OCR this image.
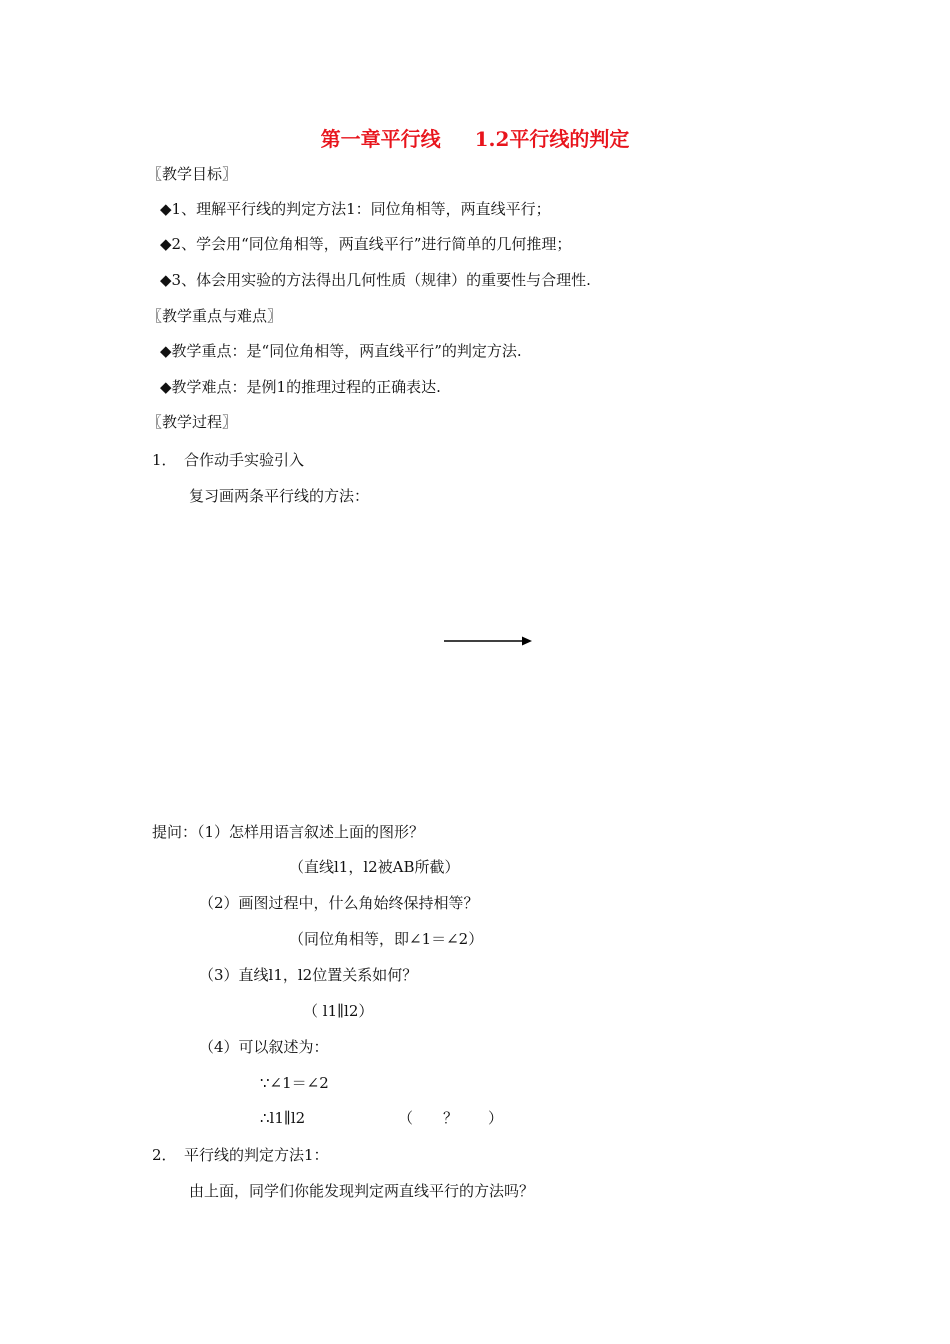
第一章平行线 1.2平行线的判定
〖教学目标〗
◆1、理解平行线的判定方法1：同位角相等，两直线平行；
◆2、学会用“同位角相等，两直线平行”进行简单的几何推理；
◆3、体会用实验的方法得出几何性质（规律）的重要性与合理性.
〖教学重点与难点〗
◆教学重点：是“同位角相等，两直线平行”的判定方法.
◆教学难点：是例1的推理过程的正确表达.
〖教学过程〗
1． 合作动手实验引入
复习画两条平行线的方法：
提问：（1）怎样用语言叙述上面的图形？
（直线l1，l2被AB所截）
（2）画图过程中，什么角始终保持相等？
（同位角相等，即∠1＝∠2）
（3）直线l1，l2位置关系如何？
（ l1∥l2）
（4）可以叙述为：
∵∠1＝∠2
∴l1∥l2	（　　？　　）
2． 平行线的判定方法1：
由上面，同学们你能发现判定两直线平行的方法吗？
